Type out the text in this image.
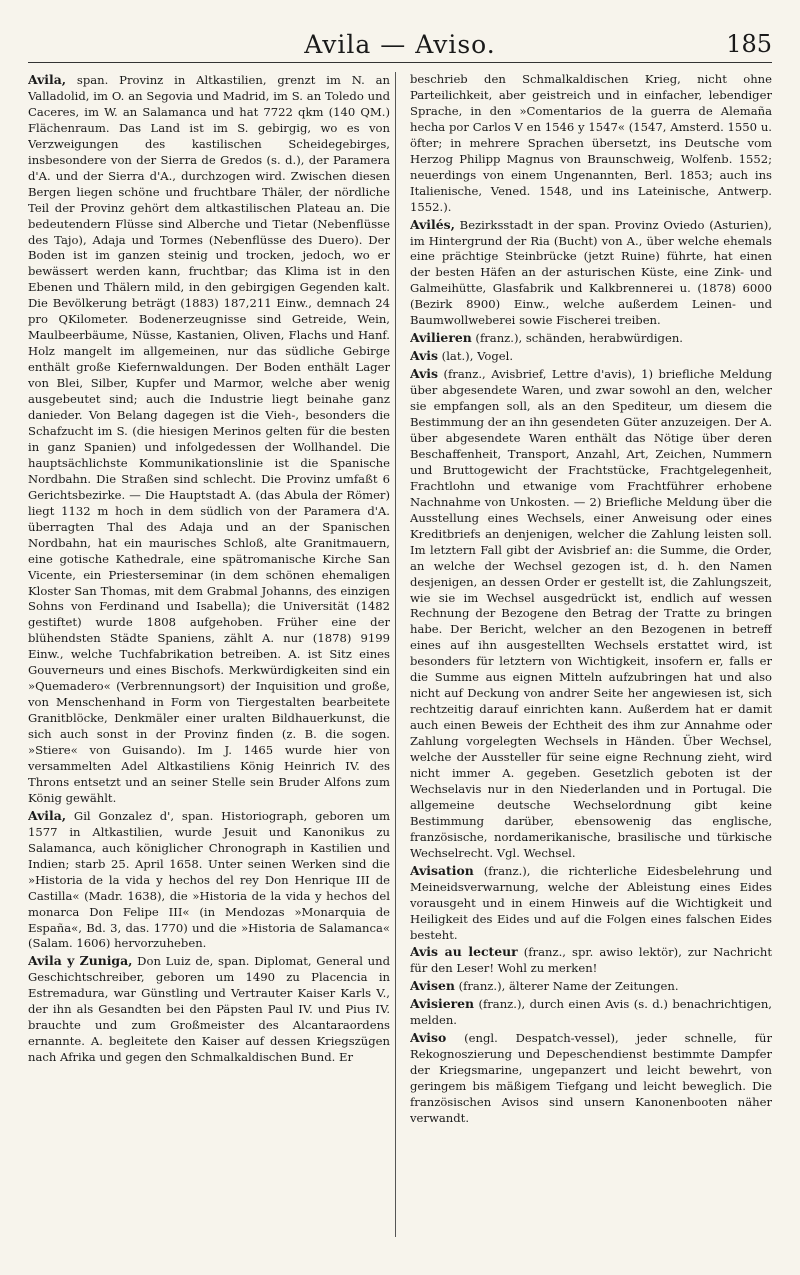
Avila — Aviso.	185

Avila, span. Provinz in Altkastilien, grenzt im N. an Valladolid, im O. an Segovia und Madrid, im S. an Toledo und Caceres, im W. an Salamanca und hat 7722 qkm (140 QM.) Flächenraum. Das Land ist im S. gebirgig, wo es von Verzweigungen des kastilischen Scheidegebirges, insbesondere von der Sierra de Gredos (s. d.), der Paramera d'A. und der Sierra d'A., durchzogen wird. Zwischen diesen Bergen liegen schöne und fruchtbare Thäler, der nördliche Teil der Provinz gehört dem altkastilischen Plateau an. Die bedeutendern Flüsse sind Alberche und Tietar (Nebenflüsse des Tajo), Adaja und Tormes (Nebenflüsse des Duero). Der Boden ist im ganzen steinig und trocken, jedoch, wo er bewässert werden kann, fruchtbar; das Klima ist in den Ebenen und Thälern mild, in den gebirgigen Gegenden kalt. Die Bevölkerung beträgt (1883) 187,211 Einw., demnach 24 pro QKilometer. Bodenerzeugnisse sind Getreide, Wein, Maulbeerbäume, Nüsse, Kastanien, Oliven, Flachs und Hanf. Holz mangelt im allgemeinen, nur das südliche Gebirge enthält große Kiefernwaldungen. Der Boden enthält Lager von Blei, Silber, Kupfer und Marmor, welche aber wenig ausgebeutet sind; auch die Industrie liegt beinahe ganz danieder. Von Belang dagegen ist die Vieh-, besonders die Schafzucht im S. (die hiesigen Merinos gelten für die besten in ganz Spanien) und infolgedessen der Wollhandel. Die hauptsächlichste Kommunikationslinie ist die Spanische Nordbahn. Die Straßen sind schlecht. Die Provinz umfaßt 6 Gerichtsbezirke. — Die Hauptstadt A. (das Abula der Römer) liegt 1132 m hoch in dem südlich von der Paramera d'A. überragten Thal des Adaja und an der Spanischen Nordbahn, hat ein maurisches Schloß, alte Granitmauern, eine gotische Kathedrale, eine spätromanische Kirche San Vicente, ein Priesterseminar (in dem schönen ehemaligen Kloster San Thomas, mit dem Grabmal Johanns, des einzigen Sohns von Ferdinand und Isabella); die Universität (1482 gestiftet) wurde 1808 aufgehoben. Früher eine der blühendsten Städte Spaniens, zählt A. nur (1878) 9199 Einw., welche Tuchfabrikation betreiben. A. ist Sitz eines Gouverneurs und eines Bischofs. Merkwürdigkeiten sind ein »Quemadero« (Verbrennungsort) der Inquisition und große, von Menschenhand in Form von Tiergestalten bearbeitete Granitblöcke, Denkmäler einer uralten Bildhauerkunst, die sich auch sonst in der Provinz finden (z. B. die sogen. »Stiere« von Guisando). Im J. 1465 wurde hier von versammelten Adel Altkastiliens König Heinrich IV. des Throns entsetzt und an seiner Stelle sein Bruder Alfons zum König gewählt.

Avila, Gil Gonzalez d', span. Historiograph, geboren um 1577 in Altkastilien, wurde Jesuit und Kanonikus zu Salamanca, auch königlicher Chronograph in Kastilien und Indien; starb 25. April 1658. Unter seinen Werken sind die »Historia de la vida y hechos del rey Don Henrique III de Castilla« (Madr. 1638), die »Historia de la vida y hechos del monarca Don Felipe III« (in Mendozas »Monarquia de España«, Bd. 3, das. 1770) und die »Historia de Salamanca« (Salam. 1606) hervorzuheben.

Avila y Zuniga, Don Luiz de, span. Diplomat, General und Geschichtschreiber, geboren um 1490 zu Placencia in Estremadura, war Günstling und Vertrauter Kaiser Karls V., der ihn als Gesandten bei den Päpsten Paul IV. und Pius IV. brauchte und zum Großmeister des Alcantaraordens ernannte. A. begleitete den Kaiser auf dessen Kriegszügen nach Afrika und gegen den Schmalkaldischen Bund. Er

beschrieb den Schmalkaldischen Krieg, nicht ohne Parteilichkeit, aber geistreich und in einfacher, lebendiger Sprache, in den »Comentarios de la guerra de Alemaña hecha por Carlos V en 1546 y 1547« (1547, Amsterd. 1550 u. öfter; in mehrere Sprachen übersetzt, ins Deutsche vom Herzog Philipp Magnus von Braunschweig, Wolfenb. 1552; neuerdings von einem Ungenannten, Berl. 1853; auch ins Italienische, Vened. 1548, und ins Lateinische, Antwerp. 1552.).

Avilés, Bezirksstadt in der span. Provinz Oviedo (Asturien), im Hintergrund der Ria (Bucht) von A., über welche ehemals eine prächtige Steinbrücke (jetzt Ruine) führte, hat einen der besten Häfen an der asturischen Küste, eine Zink- und Galmeihütte, Glasfabrik und Kalkbrennerei u. (1878) 6000 (Bezirk 8900) Einw., welche außerdem Leinen- und Baumwollweberei sowie Fischerei treiben.

Avilieren (franz.), schänden, herabwürdigen.

Avis (lat.), Vogel.

Avis (franz., Avisbrief, Lettre d'avis), 1) briefliche Meldung über abgesendete Waren, und zwar sowohl an den, welcher sie empfangen soll, als an den Spediteur, um diesem die Bestimmung der an ihn gesendeten Güter anzuzeigen. Der A. über abgesendete Waren enthält das Nötige über deren Beschaffenheit, Transport, Anzahl, Art, Zeichen, Nummern und Bruttogewicht der Frachtstücke, Frachtgelegenheit, Frachtlohn und etwanige vom Frachtführer erhobene Nachnahme von Unkosten. — 2) Briefliche Meldung über die Ausstellung eines Wechsels, einer Anweisung oder eines Kreditbriefs an denjenigen, welcher die Zahlung leisten soll. Im letztern Fall gibt der Avisbrief an: die Summe, die Order, an welche der Wechsel gezogen ist, d. h. den Namen desjenigen, an dessen Order er gestellt ist, die Zahlungszeit, wie sie im Wechsel ausgedrückt ist, endlich auf wessen Rechnung der Bezogene den Betrag der Tratte zu bringen habe. Der Bericht, welcher an den Bezogenen in betreff eines auf ihn ausgestellten Wechsels erstattet wird, ist besonders für letztern von Wichtigkeit, insofern er, falls er die Summe aus eignen Mitteln aufzubringen hat und also nicht auf Deckung von andrer Seite her angewiesen ist, sich rechtzeitig darauf einrichten kann. Außerdem hat er damit auch einen Beweis der Echtheit des ihm zur Annahme oder Zahlung vorgelegten Wechsels in Händen. Über Wechsel, welche der Aussteller für seine eigne Rechnung zieht, wird nicht immer A. gegeben. Gesetzlich geboten ist der Wechselavis nur in den Niederlanden und in Portugal. Die allgemeine deutsche Wechselordnung gibt keine Bestimmung darüber, ebensowenig das englische, französische, nordamerikanische, brasilische und türkische Wechselrecht. Vgl. Wechsel.

Avisation (franz.), die richterliche Eidesbelehrung und Meineidsverwarnung, welche der Ableistung eines Eides vorausgeht und in einem Hinweis auf die Wichtigkeit und Heiligkeit des Eides und auf die Folgen eines falschen Eides besteht.

Avis au lecteur (franz., spr. awiso lektör), zur Nachricht für den Leser! Wohl zu merken!

Avisen (franz.), älterer Name der Zeitungen.

Avisieren (franz.), durch einen Avis (s. d.) benachrichtigen, melden.

Aviso (engl. Despatch-vessel), jeder schnelle, für Rekognoszierung und Depeschendienst bestimmte Dampfer der Kriegsmarine, ungepanzert und leicht bewehrt, von geringem bis mäßigem Tiefgang und leicht beweglich. Die französischen Avisos sind unsern Kanonenbooten näher verwandt.
